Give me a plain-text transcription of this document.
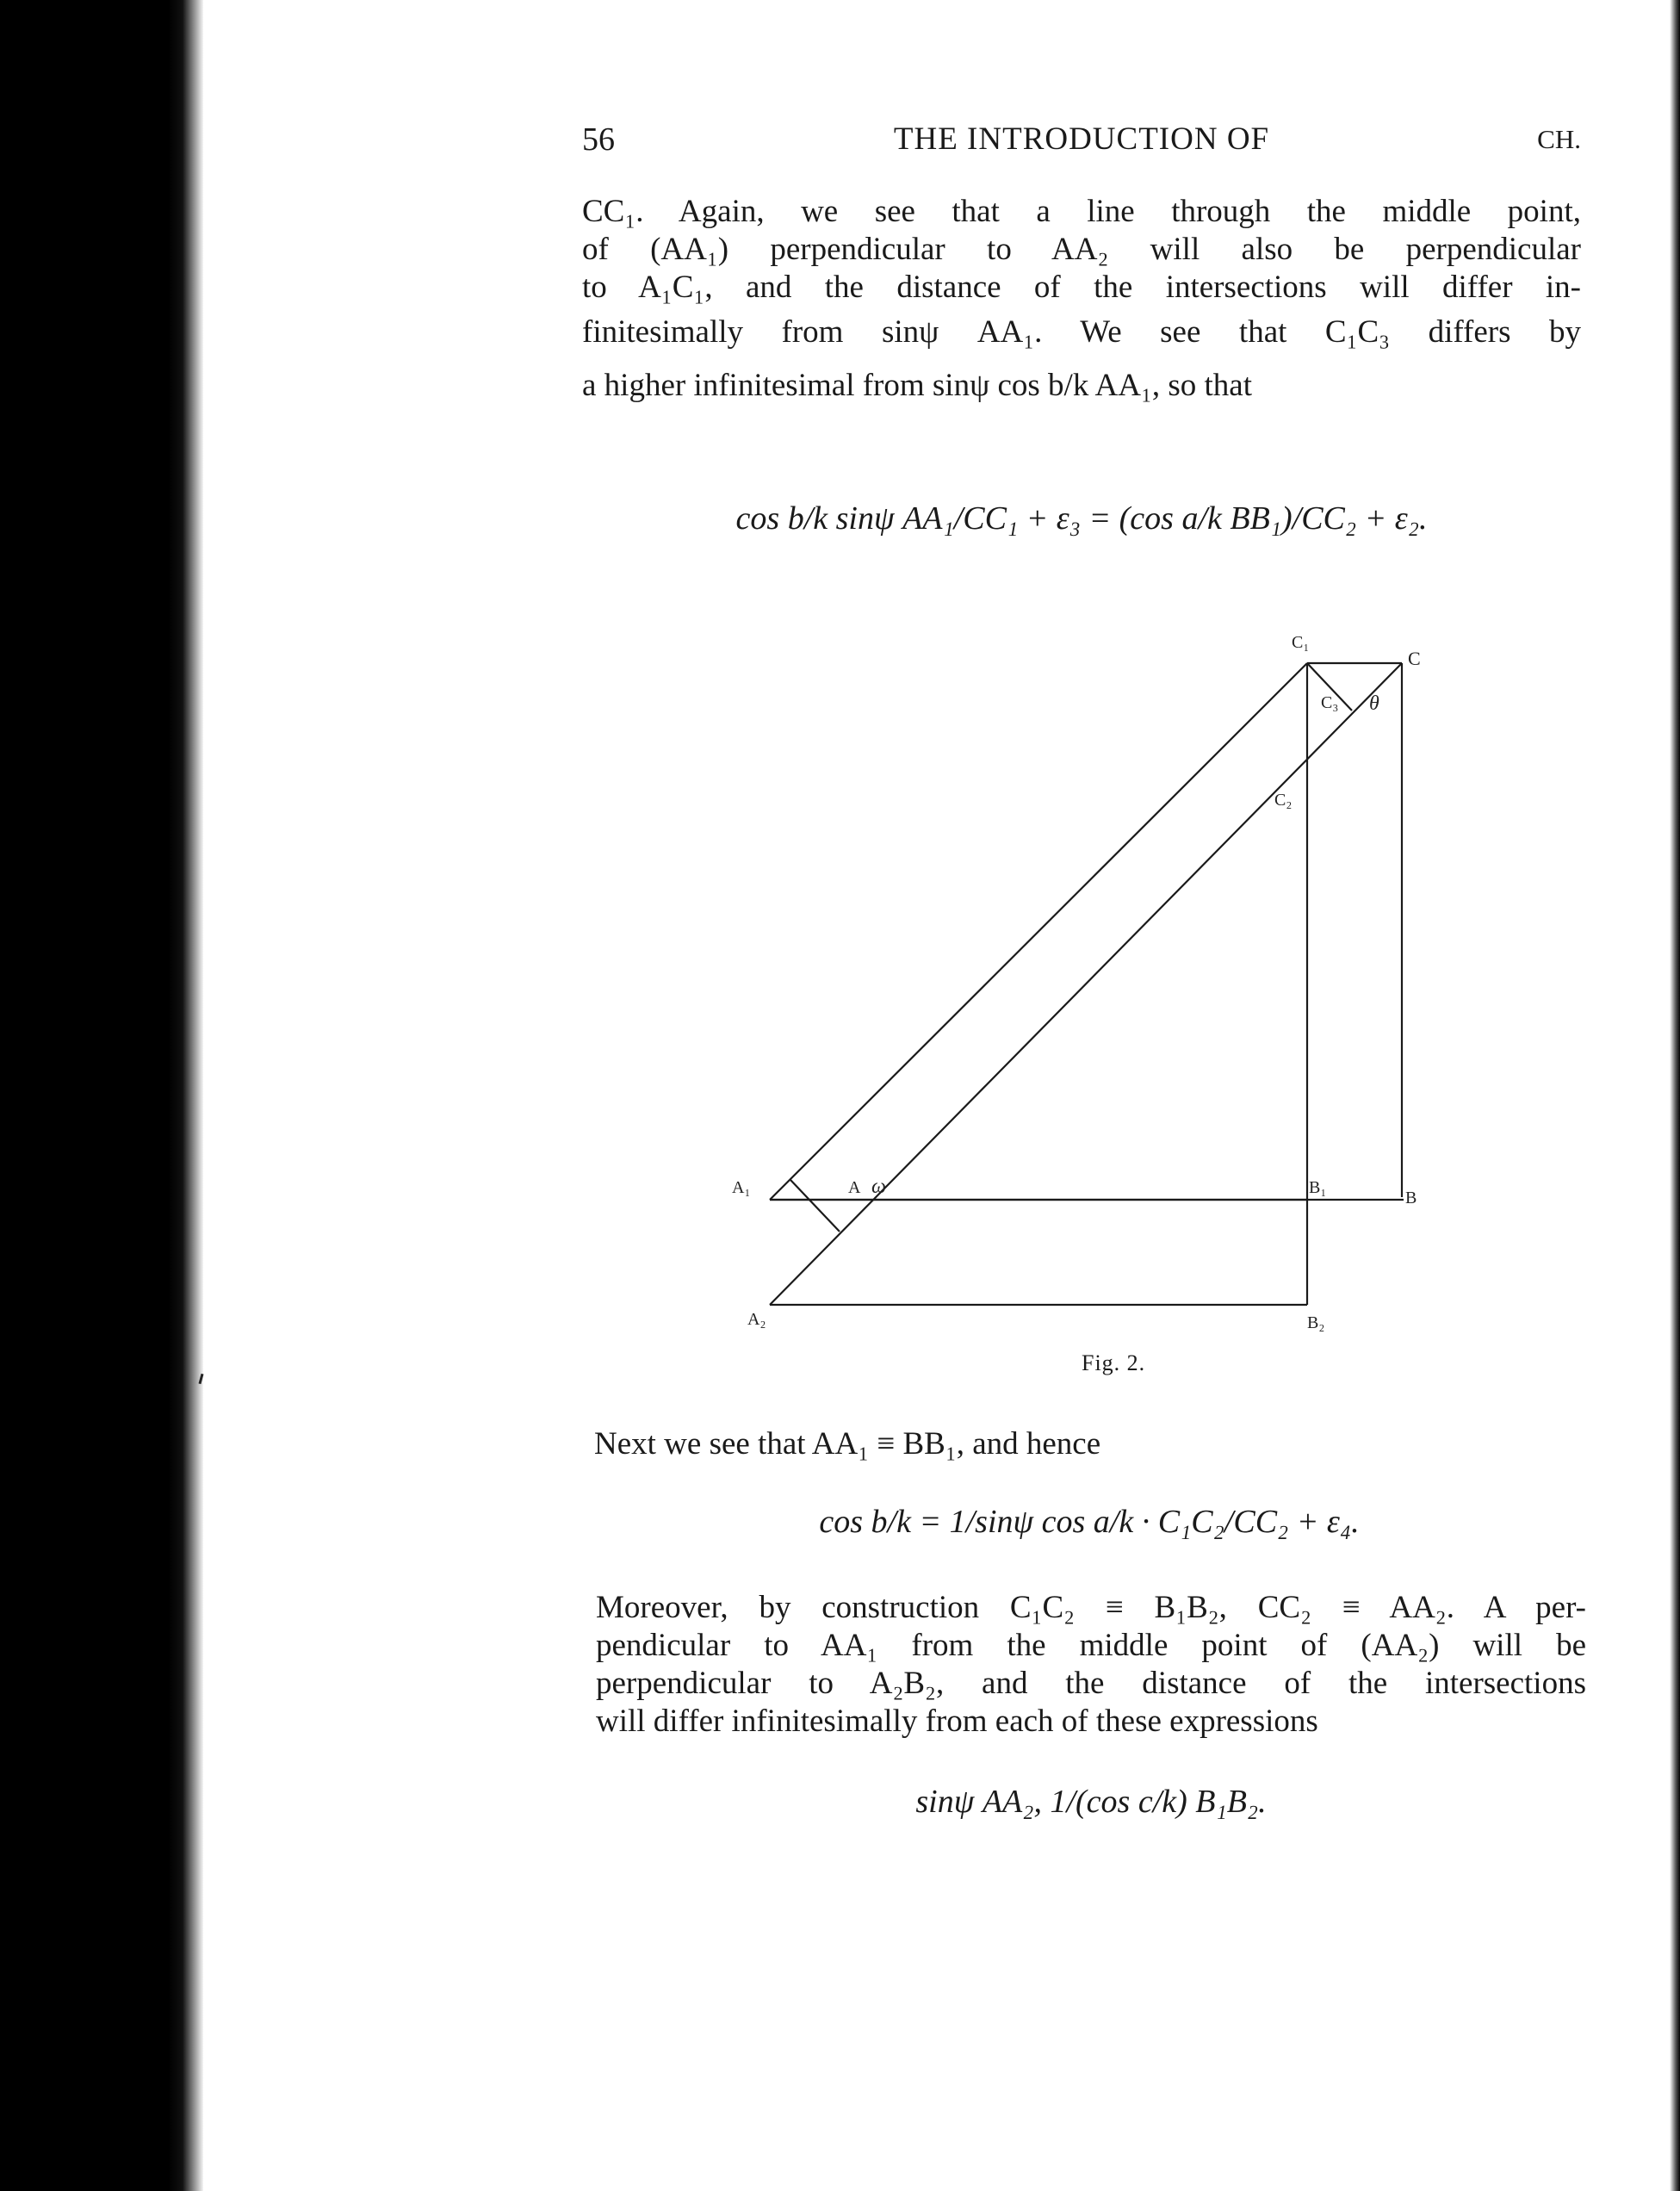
56	THE INTRODUCTION OF	CH.
CC₁. Again, we see that a line through the middle point,
of (AA₁) perpendicular to AA₂ will also be perpendicular
to A₁C₁, and the distance of the intersections will differ in-
finitesimally from sinψ AA₁. We see that C₁C₃ differs by
a higher infinitesimal from sinψ cos b/k AA₁, so that
cos b/k sinψ AA₁/CC₁ + ε₃ = (cos a/k BB₁)/CC₂ + ε₂.
A₁	A ω	B₁
B
A₂	B₂
C₁
C
C₃ θ
C₂
Fig. 2.
Next we see that AA₁ ≡ BB₁, and hence
cos b/k = 1/sinψ cos a/k · C₁C₂/CC₂ + ε₄.
Moreover, by construction C₁C₂ ≡ B₁B₂, CC₂ ≡ AA₂. A per-
pendicular to AA₁ from the middle point of (AA₂) will be
perpendicular to A₂B₂, and the distance of the intersections
will differ infinitesimally from each of these expressions
sinψ AA₂, 1/(cos c/k) B₁B₂.
